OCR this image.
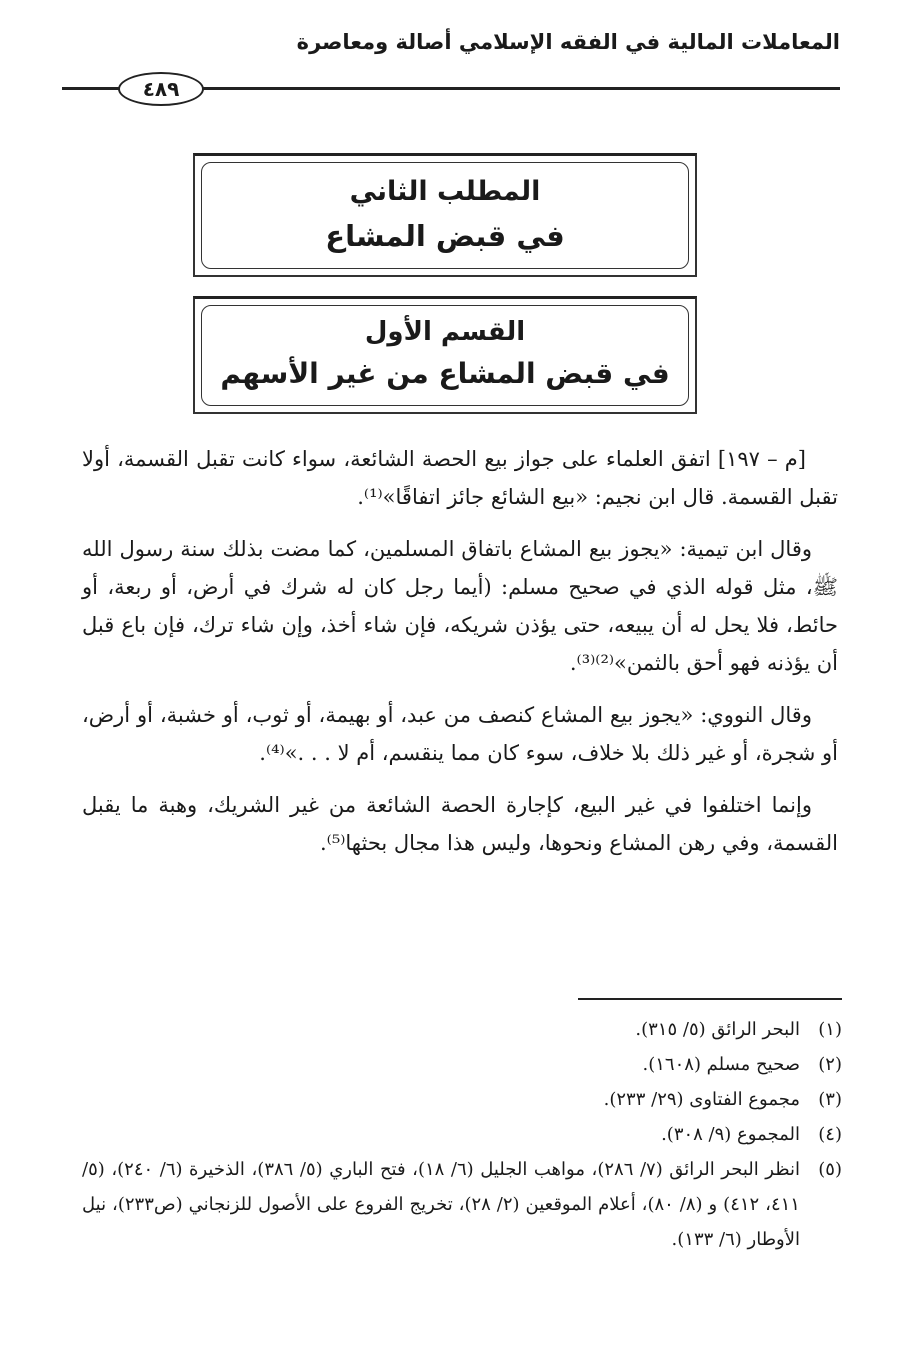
المعاملات المالية في الفقه الإسلامي أصالة ومعاصرة
٤٨٩
المطلب الثاني
في قبض المشاع
القسم الأول
في قبض المشاع من غير الأسهم

[م – ١٩٧] اتفق العلماء على جواز بيع الحصة الشائعة، سواء كانت تقبل القسمة، أولا تقبل القسمة. قال ابن نجيم: «بيع الشائع جائز اتفاقًا»⁽¹⁾.

وقال ابن تيمية: «يجوز بيع المشاع باتفاق المسلمين، كما مضت بذلك سنة رسول الله ﷺ، مثل قوله الذي في صحيح مسلم: (أيما رجل كان له شرك في أرض، أو ربعة، أو حائط، فلا يحل له أن يبيعه، حتى يؤذن شريكه، فإن شاء أخذ، وإن شاء ترك، فإن باع قبل أن يؤذنه فهو أحق بالثمن»⁽²⁾⁽³⁾.

وقال النووي: «يجوز بيع المشاع كنصف من عبد، أو بهيمة، أو ثوب، أو خشبة، أو أرض، أو شجرة، أو غير ذلك بلا خلاف، سوء كان مما ينقسم، أم لا . . .»⁽⁴⁾.

وإنما اختلفوا في غير البيع، كإجارة الحصة الشائعة من غير الشريك، وهبة ما يقبل القسمة، وفي رهن المشاع ونحوها، وليس هذا مجال بحثها⁽⁵⁾.

(١)
البحر الرائق (٥/ ٣١٥).
(٢)
صحيح مسلم (١٦٠٨).
(٣)
مجموع الفتاوى (٢٩/ ٢٣٣).
(٤)
المجموع (٩/ ٣٠٨).
(٥)
انظر البحر الرائق (٧/ ٢٨٦)، مواهب الجليل (٦/ ١٨)، فتح الباري (٥/ ٣٨٦)، الذخيرة (٦/ ٢٤٠)، (٥/ ٤١١، ٤١٢) و (٨/ ٨٠)، أعلام الموقعين (٢/ ٢٨)، تخريج الفروع على الأصول للزنجاني (ص٢٣٣)، نيل الأوطار (٦/ ١٣٣).
